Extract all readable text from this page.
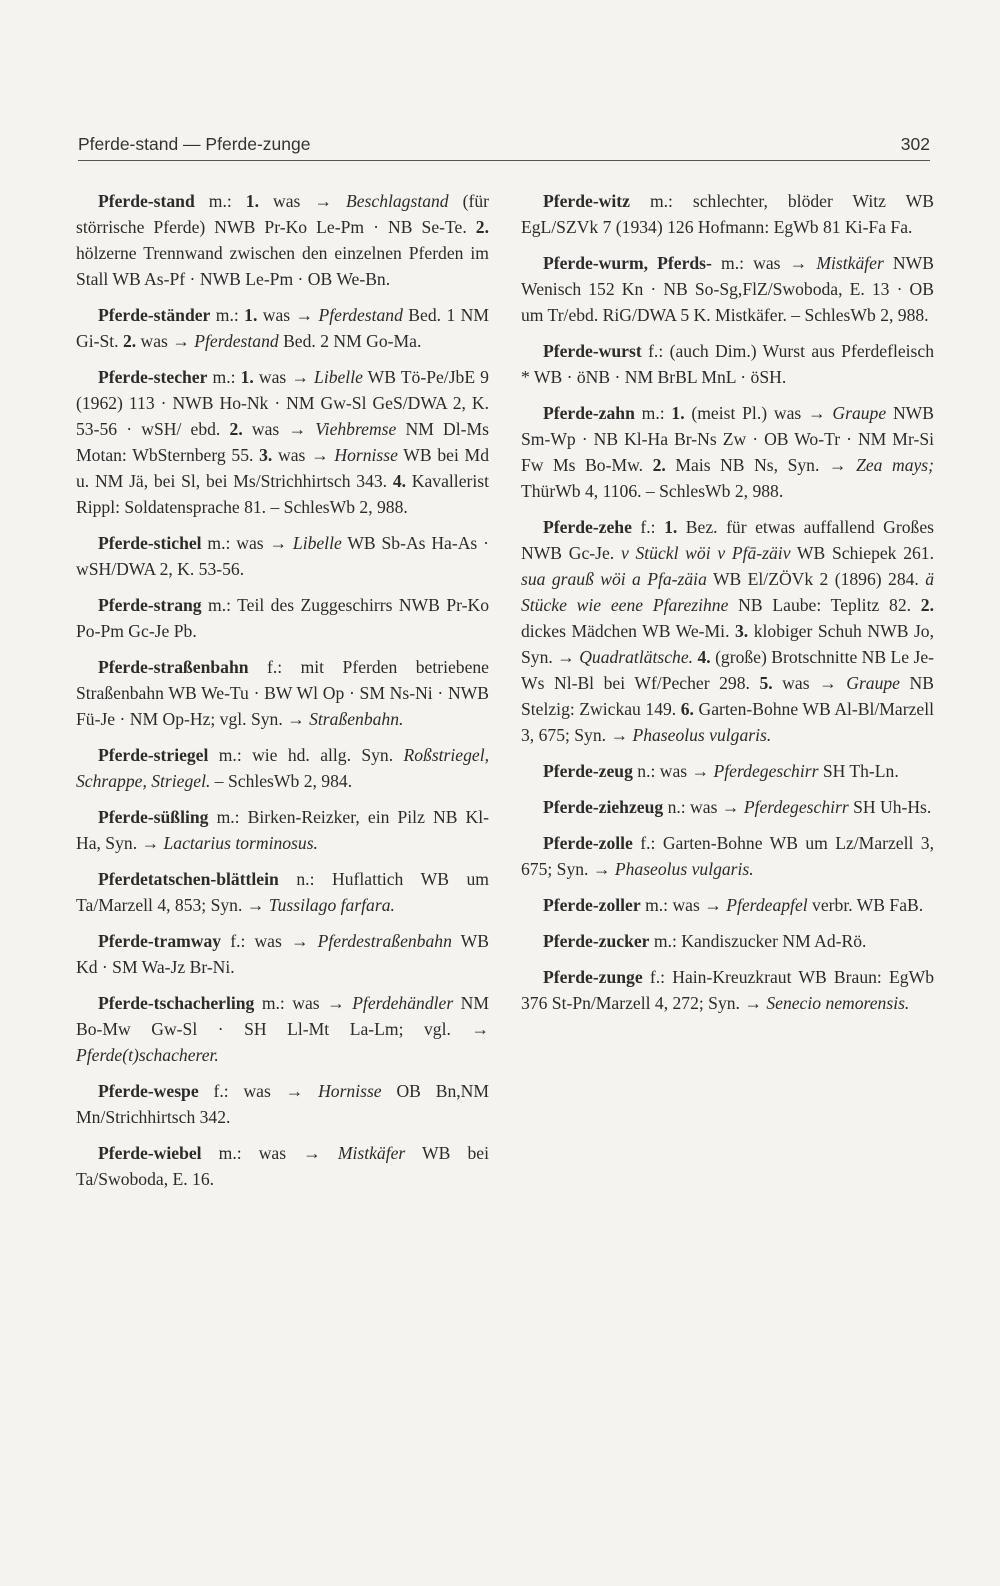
Pferde-stand — Pferde-zunge	302

Pferde-stand m.: 1. was → Beschlagstand (für störrische Pferde) NWB Pr-Ko Le-Pm · NB Se-Te. 2. hölzerne Trennwand zwischen den einzelnen Pferden im Stall WB As-Pf · NWB Le-Pm · OB We-Bn.

Pferde-ständer m.: 1. was → Pferdestand Bed. 1 NM Gi-St. 2. was → Pferdestand Bed. 2 NM Go-Ma.

Pferde-stecher m.: 1. was → Libelle WB Tö-Pe/JbE 9 (1962) 113 · NWB Ho-Nk · NM Gw-Sl GeS/DWA 2, K. 53-56 · wSH/ ebd. 2. was → Viehbremse NM Dl-Ms Motan: WbSternberg 55. 3. was → Hornisse WB bei Md u. NM Jä, bei Sl, bei Ms/Strichhirtsch 343. 4. Kavallerist Rippl: Soldatensprache 81. – SchlesWb 2, 988.

Pferde-stichel m.: was → Libelle WB Sb-As Ha-As · wSH/DWA 2, K. 53-56.

Pferde-strang m.: Teil des Zuggeschirrs NWB Pr-Ko Po-Pm Gc-Je Pb.

Pferde-straßenbahn f.: mit Pferden betriebene Straßenbahn WB We-Tu · BW Wl Op · SM Ns-Ni · NWB Fü-Je · NM Op-Hz; vgl. Syn. → Straßenbahn.

Pferde-striegel m.: wie hd. allg. Syn. Roßstriegel, Schrappe, Striegel. – SchlesWb 2, 984.

Pferde-süßling m.: Birken-Reizker, ein Pilz NB Kl-Ha, Syn. → Lactarius torminosus.

Pferdetatschen-blättlein n.: Huflattich WB um Ta/Marzell 4, 853; Syn. → Tussilago farfara.

Pferde-tramway f.: was → Pferdestraßenbahn WB Kd · SM Wa-Jz Br-Ni.

Pferde-tschacherling m.: was → Pferdehändler NM Bo-Mw Gw-Sl · SH Ll-Mt La-Lm; vgl. → Pferde(t)schacherer.

Pferde-wespe f.: was → Hornisse OB Bn,NM Mn/Strichhirtsch 342.

Pferde-wiebel m.: was → Mistkäfer WB bei Ta/Swoboda, E. 16.

Pferde-witz m.: schlechter, blöder Witz WB EgL/SZVk 7 (1934) 126 Hofmann: EgWb 81 Ki-Fa Fa.

Pferde-wurm, Pferds- m.: was → Mistkäfer NWB Wenisch 152 Kn · NB So-Sg,FlZ/Swoboda, E. 13 · OB um Tr/ebd. RiG/DWA 5 K. Mistkäfer. – SchlesWb 2, 988.

Pferde-wurst f.: (auch Dim.) Wurst aus Pferdefleisch * WB · öNB · NM BrBL MnL · öSH.

Pferde-zahn m.: 1. (meist Pl.) was → Graupe NWB Sm-Wp · NB Kl-Ha Br-Ns Zw · OB Wo-Tr · NM Mr-Si Fw Ms Bo-Mw. 2. Mais NB Ns, Syn. → Zea mays; ThürWb 4, 1106. – SchlesWb 2, 988.

Pferde-zehe f.: 1. Bez. für etwas auffallend Großes NWB Gc-Je. v Stückl wöi v Pfā-zäiv WB Schiepek 261. sua grauß wöi a Pfa-zäia WB El/ZÖVk 2 (1896) 284. ä Stücke wie eene Pfarezihne NB Laube: Teplitz 82. 2. dickes Mädchen WB We-Mi. 3. klobiger Schuh NWB Jo, Syn. → Quadratlätsche. 4. (große) Brotschnitte NB Le Je-Ws Nl-Bl bei Wf/Pecher 298. 5. was → Graupe NB Stelzig: Zwickau 149. 6. Garten-Bohne WB Al-Bl/Marzell 3, 675; Syn. → Phaseolus vulgaris.

Pferde-zeug n.: was → Pferdegeschirr SH Th-Ln.

Pferde-ziehzeug n.: was → Pferdegeschirr SH Uh-Hs.

Pferde-zolle f.: Garten-Bohne WB um Lz/Marzell 3, 675; Syn. → Phaseolus vulgaris.

Pferde-zoller m.: was → Pferdeapfel verbr. WB FaB.

Pferde-zucker m.: Kandiszucker NM Ad-Rö.

Pferde-zunge f.: Hain-Kreuzkraut WB Braun: EgWb 376 St-Pn/Marzell 4, 272; Syn. → Senecio nemorensis.
